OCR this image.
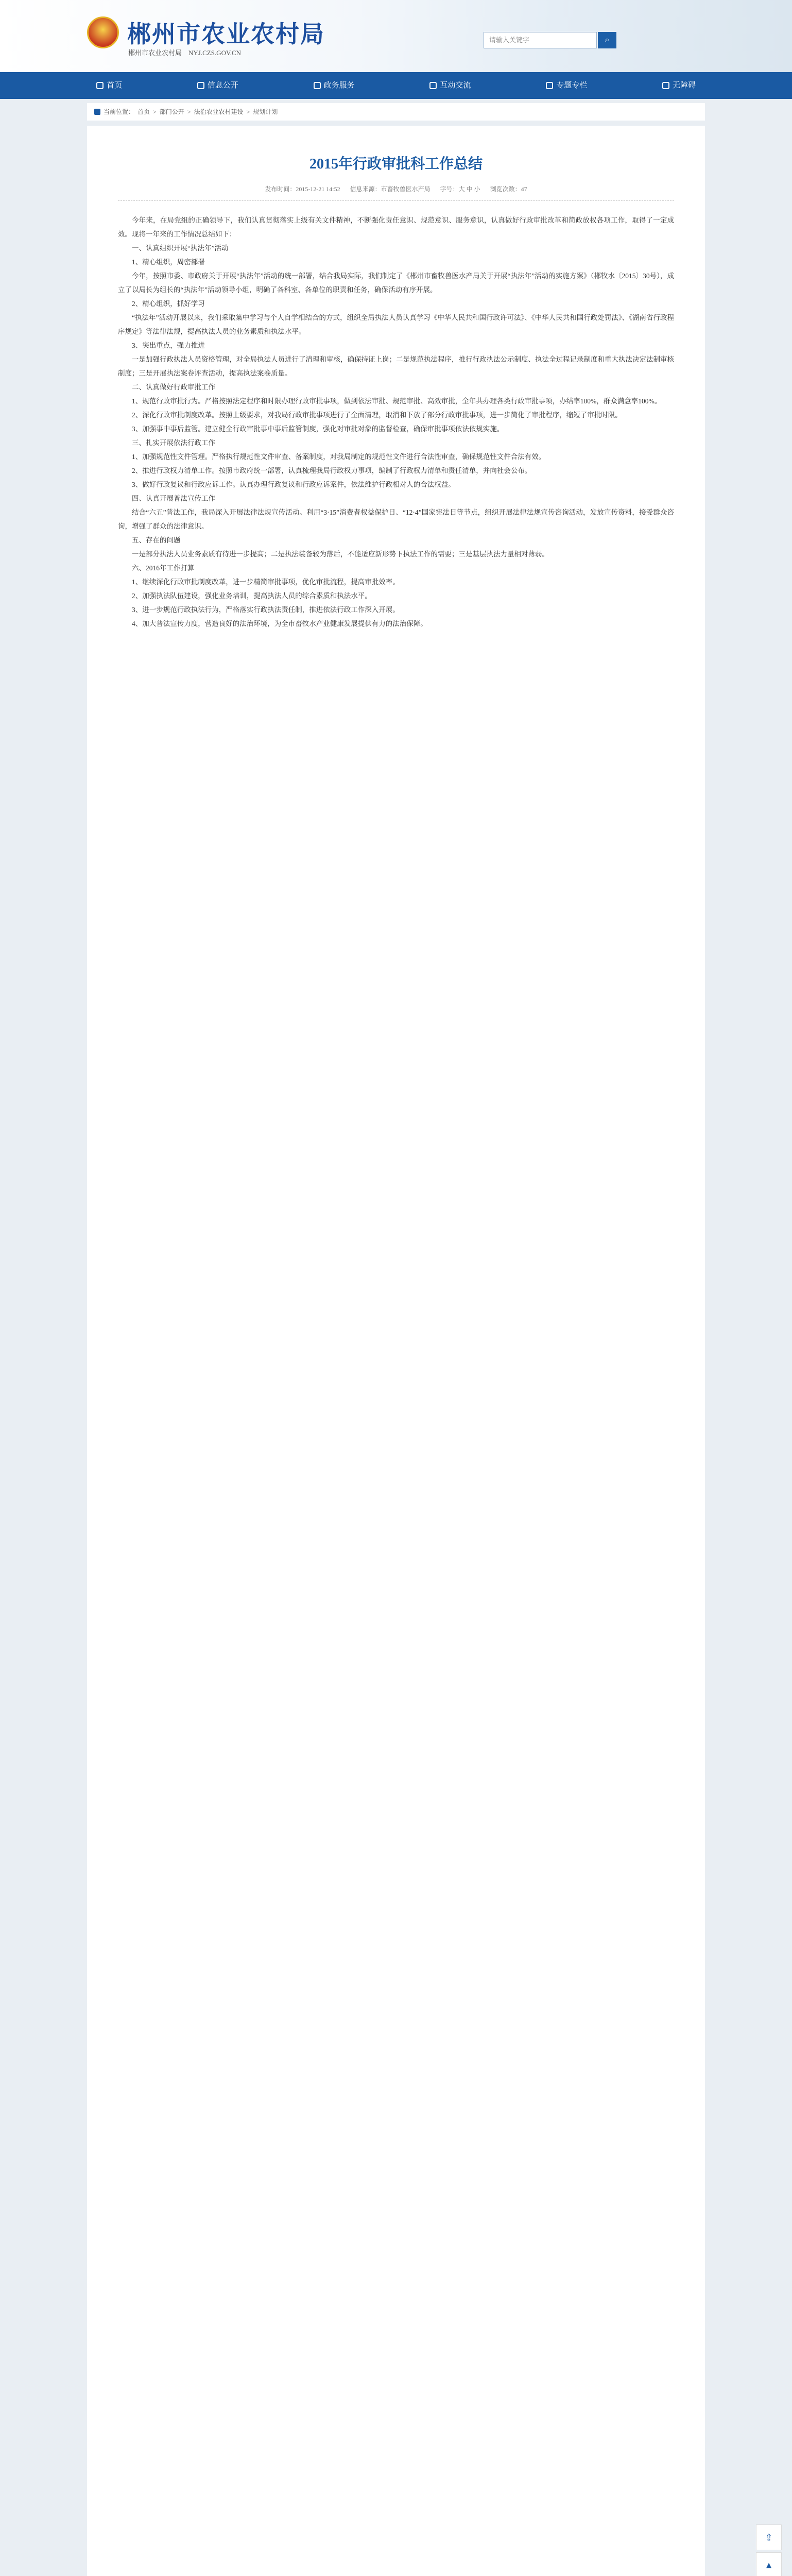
郴州市农业农村局
郴州市农业农村局　NYJ.CZS.GOV.CN
请输入关键字	⌕
首页	信息公开	政务服务	互动交流	专题专栏	无障碍
当前位置： 首页 > 部门公开 > 法治农业农村建设 > 规划计划
2015年行政审批科工作总结
发布时间：2015-12-21 14:52 信息来源：市畜牧兽医水产局 字号：大 中 小 浏览次数：47

今年来，在局党组的正确领导下，我们认真贯彻落实上级有关文件精神，不断强化责任意识、规范意识、服务意识，认真做好行政审批改革和简政放权各项工作，取得了一定成效。现将一年来的工作情况总结如下：

一、认真组织开展“执法年”活动

1、精心组织，周密部署

今年，按照市委、市政府关于开展“执法年”活动的统一部署，结合我局实际，我们制定了《郴州市畜牧兽医水产局关于开展“执法年”活动的实施方案》（郴牧水〔2015〕30号），成立了以局长为组长的“执法年”活动领导小组，明确了各科室、各单位的职责和任务，确保活动有序开展。

2、精心组织，抓好学习

“执法年”活动开展以来，我们采取集中学习与个人自学相结合的方式，组织全局执法人员认真学习《中华人民共和国行政许可法》、《中华人民共和国行政处罚法》、《湖南省行政程序规定》等法律法规，提高执法人员的业务素质和执法水平。

3、突出重点，强力推进

一是加强行政执法人员资格管理，对全局执法人员进行了清理和审核，确保持证上岗；二是规范执法程序，推行行政执法公示制度、执法全过程记录制度和重大执法决定法制审核制度；三是开展执法案卷评查活动，提高执法案卷质量。

二、认真做好行政审批工作

1、规范行政审批行为。严格按照法定程序和时限办理行政审批事项，做到依法审批、规范审批、高效审批，全年共办理各类行政审批事项，办结率100%，群众满意率100%。

2、深化行政审批制度改革。按照上级要求，对我局行政审批事项进行了全面清理，取消和下放了部分行政审批事项，进一步简化了审批程序，缩短了审批时限。

3、加强事中事后监管。建立健全行政审批事中事后监管制度，强化对审批对象的监督检查，确保审批事项依法依规实施。

三、扎实开展依法行政工作

1、加强规范性文件管理。严格执行规范性文件审查、备案制度，对我局制定的规范性文件进行合法性审查，确保规范性文件合法有效。

2、推进行政权力清单工作。按照市政府统一部署，认真梳理我局行政权力事项，编制了行政权力清单和责任清单，并向社会公布。

3、做好行政复议和行政应诉工作。认真办理行政复议和行政应诉案件，依法维护行政相对人的合法权益。

四、认真开展普法宣传工作

结合“六五”普法工作，我局深入开展法律法规宣传活动。利用“3·15”消费者权益保护日、“12·4”国家宪法日等节点，组织开展法律法规宣传咨询活动，发放宣传资料，接受群众咨询，增强了群众的法律意识。

五、存在的问题

一是部分执法人员业务素质有待进一步提高；二是执法装备较为落后，不能适应新形势下执法工作的需要；三是基层执法力量相对薄弱。

六、2016年工作打算

1、继续深化行政审批制度改革，进一步精简审批事项，优化审批流程，提高审批效率。

2、加强执法队伍建设，强化业务培训，提高执法人员的综合素质和执法水平。

3、进一步规范行政执法行为，严格落实行政执法责任制，推进依法行政工作深入开展。

4、加大普法宣传力度，营造良好的法治环境，为全市畜牧水产业健康发展提供有力的法治保障。

⇪
▲
